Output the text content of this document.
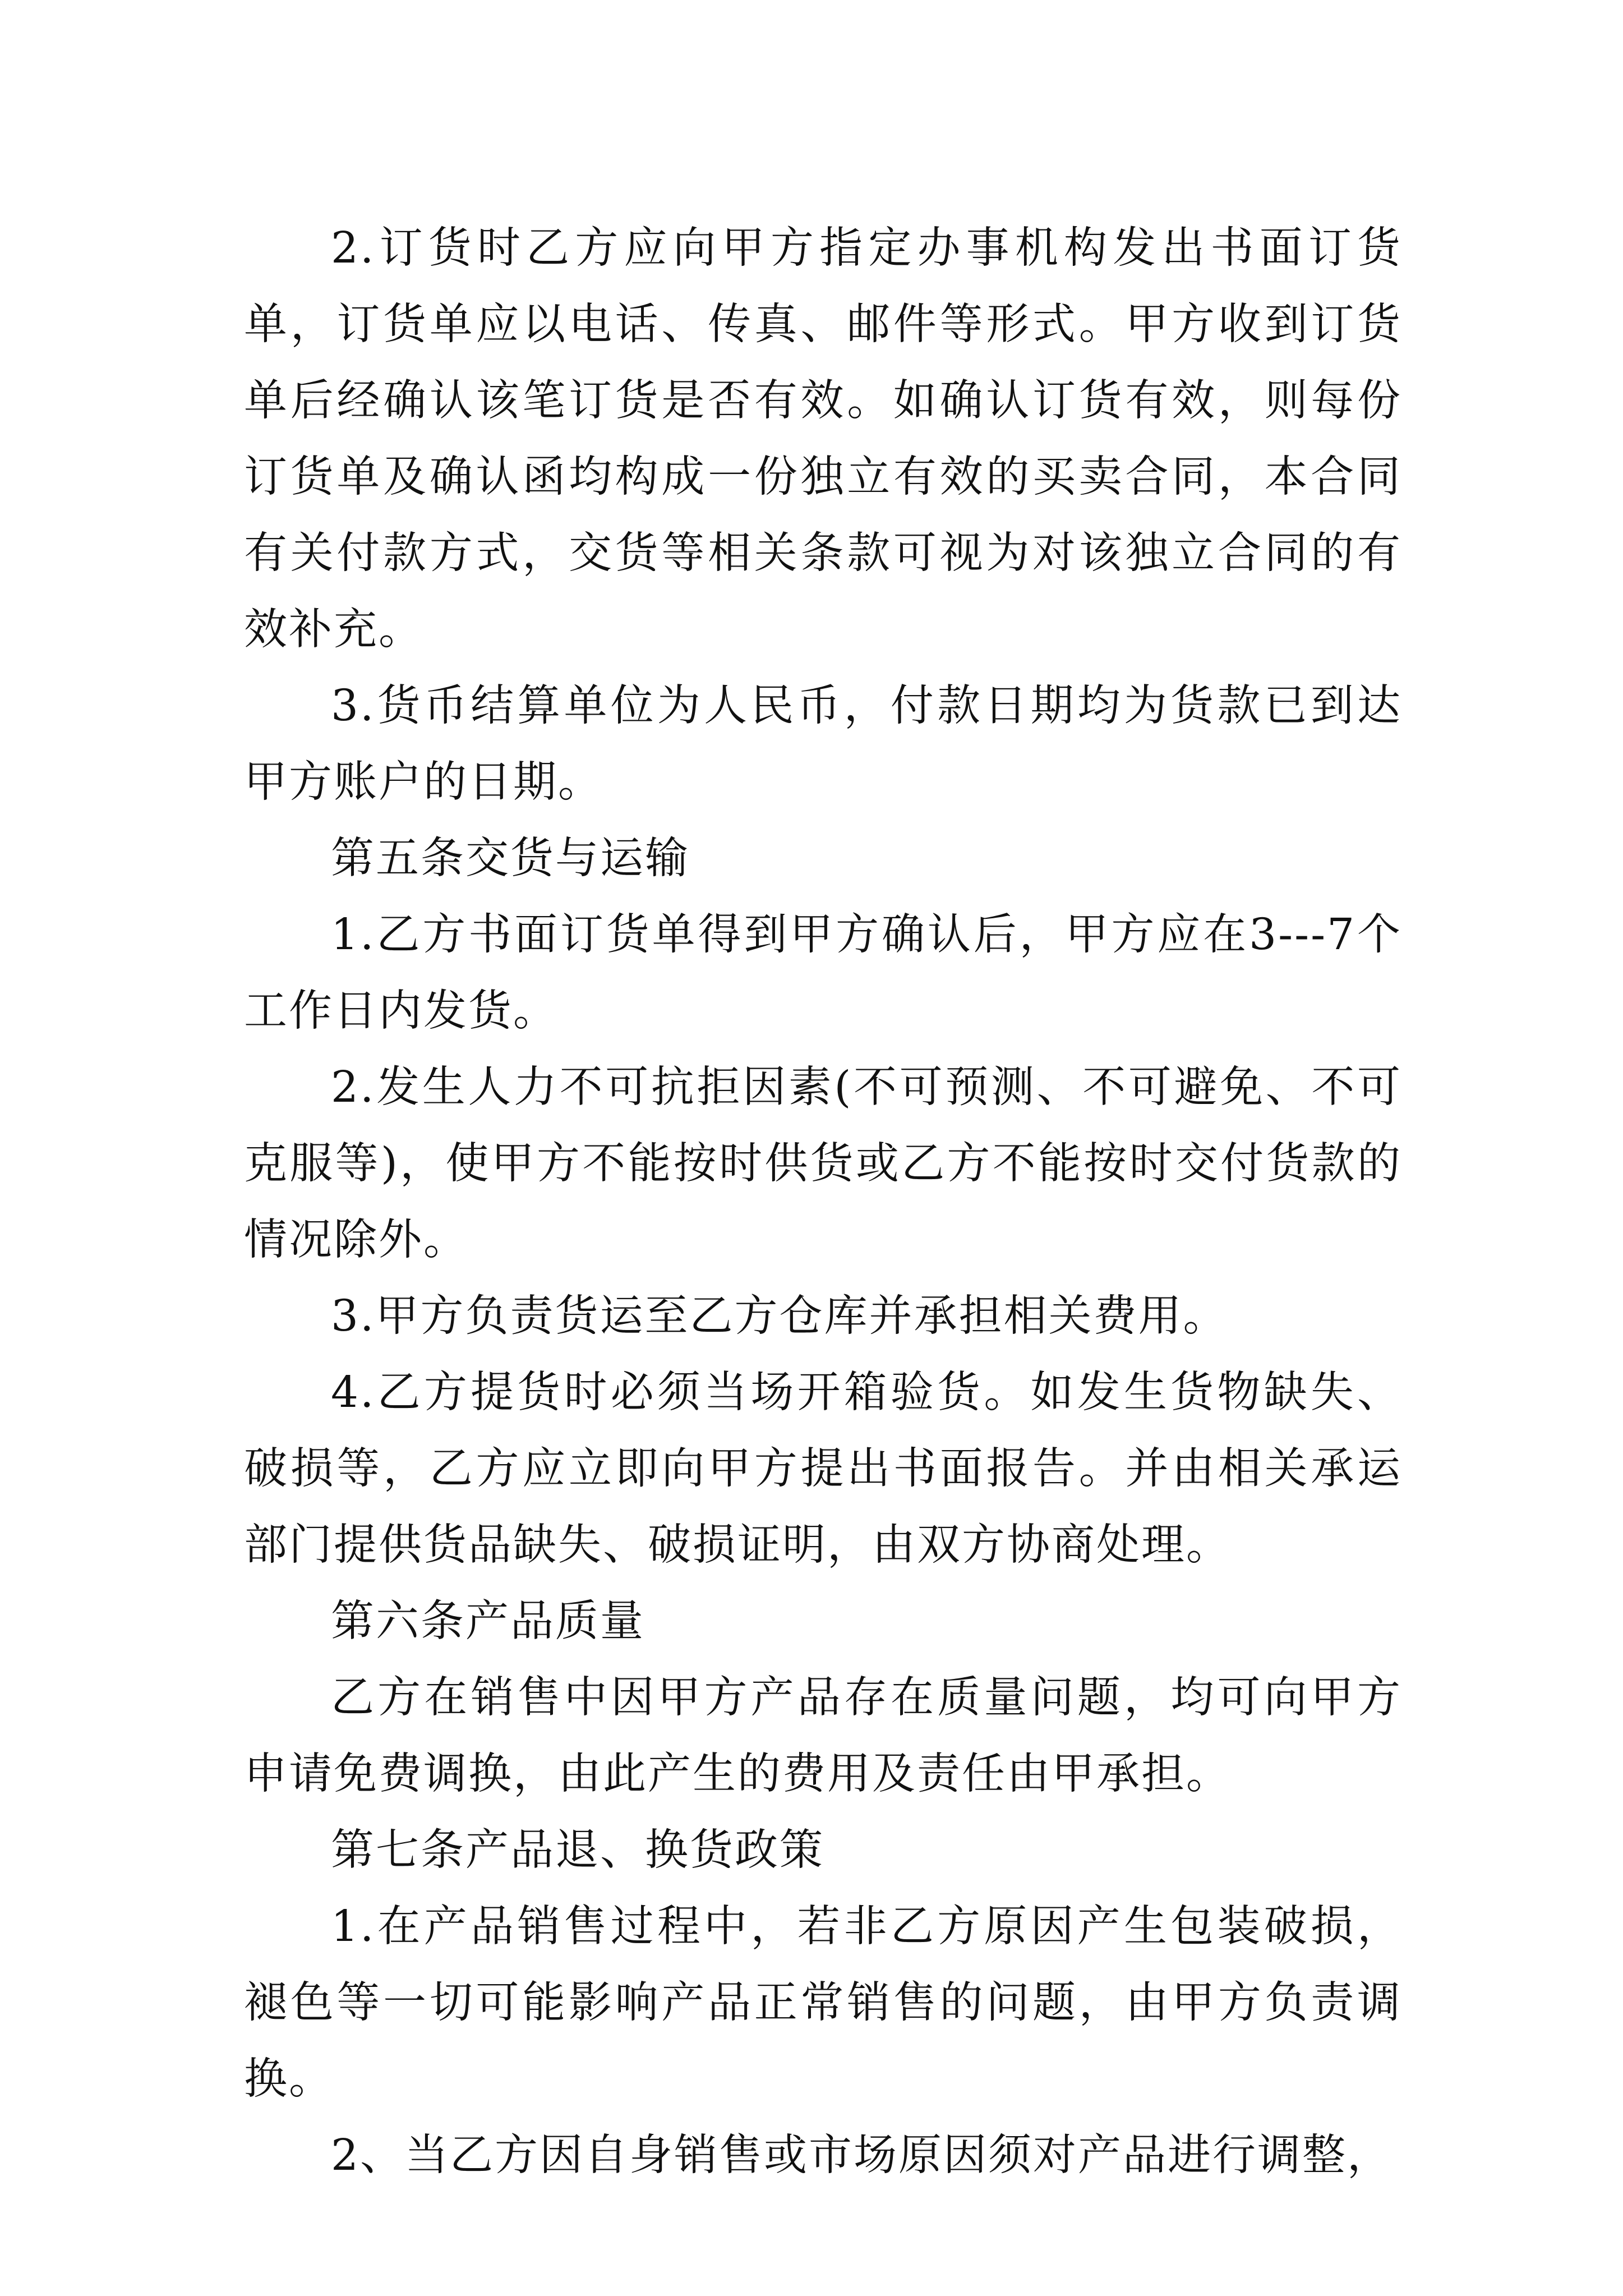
2.订货时乙方应向甲方指定办事机构发出书面订货单，订货单应以电话、传真、邮件等形式。甲方收到订货单后经确认该笔订货是否有效。如确认订货有效，则每份订货单及确认函均构成一份独立有效的买卖合同，本合同有关付款方式，交货等相关条款可视为对该独立合同的有效补充。

3.货币结算单位为人民币，付款日期均为货款已到达甲方账户的日期。

第五条交货与运输

1.乙方书面订货单得到甲方确认后，甲方应在3---7个工作日内发货。

2.发生人力不可抗拒因素(不可预测、不可避免、不可克服等)，使甲方不能按时供货或乙方不能按时交付货款的情况除外。

3.甲方负责货运至乙方仓库并承担相关费用。

4.乙方提货时必须当场开箱验货。如发生货物缺失、破损等，乙方应立即向甲方提出书面报告。并由相关承运部门提供货品缺失、破损证明，由双方协商处理。

第六条产品质量

乙方在销售中因甲方产品存在质量问题，均可向甲方申请免费调换，由此产生的费用及责任由甲承担。

第七条产品退、换货政策

1.在产品销售过程中，若非乙方原因产生包装破损，褪色等一切可能影响产品正常销售的问题，由甲方负责调换。

2、当乙方因自身销售或市场原因须对产品进行调整，
